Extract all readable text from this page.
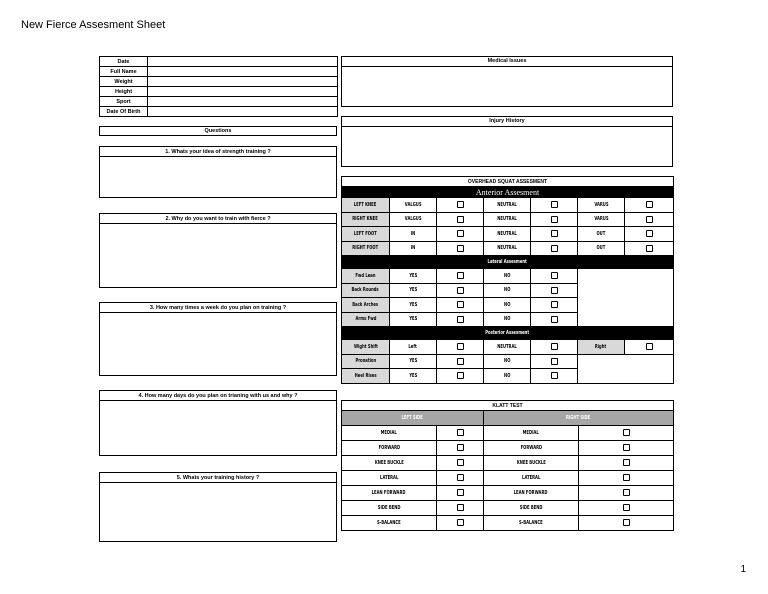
New Fierce Assesment Sheet
Date	
Full Name	
Weight	
Height	
Sport	
Date Of Birth	
Questions
1. Whats your idea of strength training ?
2. Why do you want to train with fierce ?
3. How many times a week do you plan on training ?
4. How many days do you plan on trianing with us and why ?
5. Whats your training history ?
Medical Issues
Injury History
OVERHEAD SQUAT ASSESMENT						
Anterior Assesment						
LEFT KNEE	VALGUS		NEUTRAL		VARUS	
RIGHT KNEE	VALGUS		NEUTRAL		VARUS	
LEFT FOOT	IN		NEUTRAL		OUT	
RIGHT FOOT	IN		NEUTRAL		OUT	
Lateral Assesment						
Fwd Lean	YES		NO			
Back Rounds	YES		NO			
Back Arches	YES		NO			
Arms Fwd	YES		NO			
Posterior Assesment						
Wight Shift	Left		NEUTRAL		Right	
Pronation	YES		NO			
Heel Rises	YES		NO			
KLATT TEST			
LEFT SIDE		RIGHT SIDE	
MEDIAL		MEDIAL	
FORWARD		FORWARD	
KNEE BUCKLE		KNEE BUCKLE	
LATERAL		LATERAL	
LEAN FORWARD		LEAN FORWARD	
SIDE BEND		SIDE BEND	
S-BALANCE		S-BALANCE	
1
